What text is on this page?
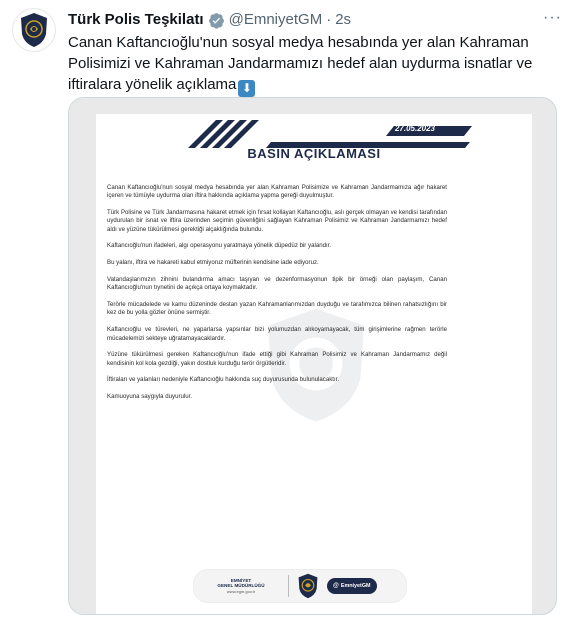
Türk Polis Teşkilatı @EmniyetGM · 2s	···
Canan Kaftancıoğlu'nun sosyal medya hesabında yer alan Kahraman Polisimizi ve Kahraman Jandarmamızı hedef alan uydurma isnatlar ve iftiralara yönelik açıklama ⬇
27.05.2023
BASIN AÇIKLAMASI

Canan Kaftancıoğlu'nun sosyal medya hesabında yer alan Kahraman Polisimize ve Kahraman Jandarmamıza ağır hakaret içeren ve tümüyle uydurma olan iftira hakkında açıklama yapma gereği duyulmuştur.

Türk Polisine ve Türk Jandarmasına hakaret etmek için fırsat kollayan Kaftancıoğlu, aslı gerçek olmayan ve kendisi tarafından uydurulan bir isnat ve iftira üzerinden seçimin güvenliğini sağlayan Kahraman Polisimiz ve Kahraman Jandarmamızı hedef aldı ve yüzüne tükürülmesi gerektiği alçaklığında bulundu.

Kaftancıoğlu'nun ifadeleri, algı operasyonu yaratmaya yönelik düpedüz bir yalandır.

Bu yalanı, iftira ve hakareti kabul etmiyoruz müfterinin kendisine iade ediyoruz.

Vatandaşlarımızın zihnini bulandırma amacı taşıyan ve dezenformasyonun tipik bir örneği olan paylaşım, Canan Kaftancıoğlu'nun tıynetini de açıkça ortaya koymaktadır.

Terörle mücadelede ve kamu düzeninde destan yazan Kahramanlarımızdan duyduğu ve tarafımızca bilinen rahatsızlığını bir kez de bu yolla gözler önüne sermiştir.

Kaftancıoğlu ve türevleri, ne yaparlarsa yapsınlar bizi yolumuzdan alıkoyamayacak, tüm girişimlerine rağmen terörle mücadelemizi sekteye uğratamayacaklardır.

Yüzüne tükürülmesi gereken Kaftancıoğlu'nun ifade ettiği gibi Kahraman Polisimiz ve Kahraman Jandarmamız değil kendisinin kol kola gezdiği, yakın dostluk kurduğu terör örgütleridir.

İftiraları ve yalanları nedeniyle Kaftancıoğlu hakkında suç duyurusunda bulunulacaktır.

Kamuoyuna saygıyla duyurulur.

EMNİYET
GENEL MÜDÜRLÜĞÜ
www.egm.gov.tr
@ EmniyetGM
